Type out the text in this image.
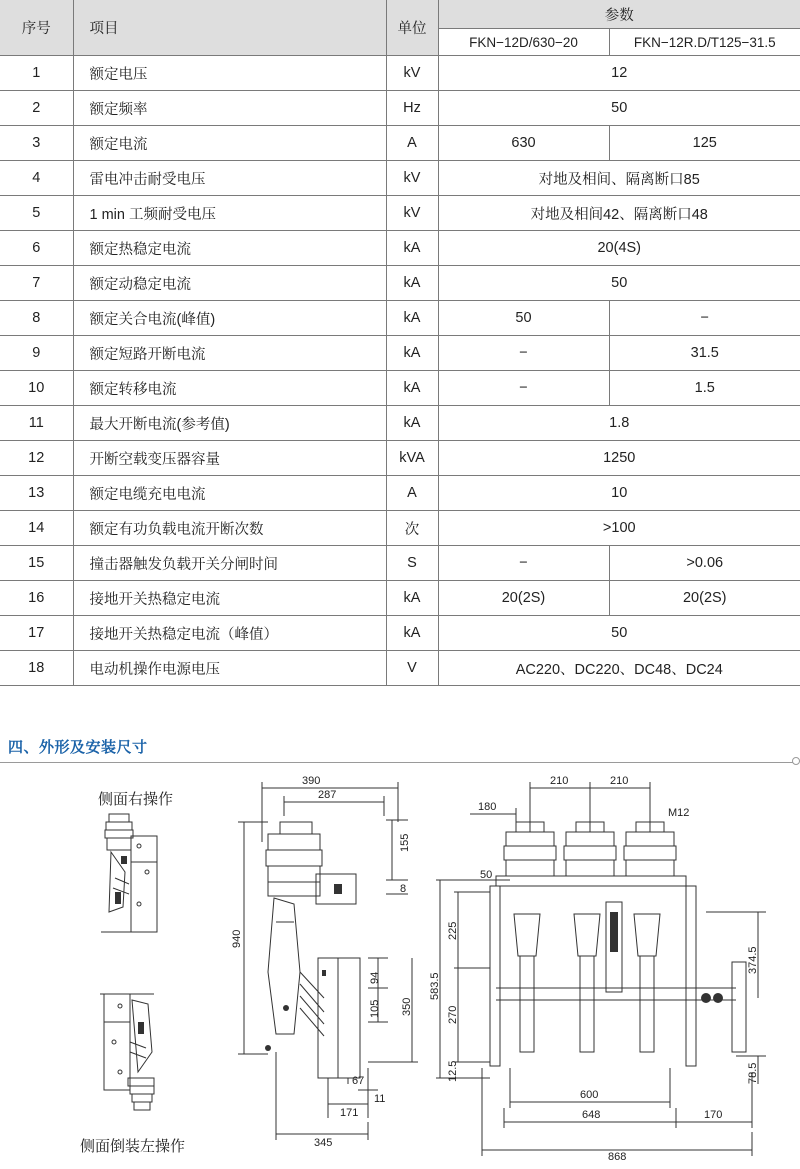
序号	项目	单位	参数	
			FKN−12D/630−20	FKN−12R.D/T125−31.5
1	额定电压	kV	12	
2	额定频率	Hz	50	
3	额定电流	A	630	125
4	雷电冲击耐受电压	kV	对地及相间、隔离断口85	
5	1 min 工频耐受电压	kV	对地及相间42、隔离断口48	
6	额定热稳定电流	kA	20(4S)	
7	额定动稳定电流	kA	50	
8	额定关合电流(峰值)	kA	50	−
9	额定短路开断电流	kA	−	31.5
10	额定转移电流	kA	−	1.5
11	最大开断电流(参考值)	kA	1.8	
12	开断空载变压器容量	kVA	1250	
13	额定电缆充电电流	A	10	
14	额定有功负载电流开断次数	次	>100	
15	撞击器触发负载开关分闸时间	S	−	>0.06
16	接地开关热稳定电流	kA	20(2S)	20(2S)
17	接地开关热稳定电流（峰值）	kA	50	
18	电动机操作电源电压	V	AC220、DC220、DC48、DC24	
四、外形及安装尺寸
侧面右操作
侧面倒装左操作
390
287
155
8
940
94
105 350
67
11
171
345
210	210
180	M12
50
225
583.5
270
12.5
374.5
78.5
600
648	170
868
